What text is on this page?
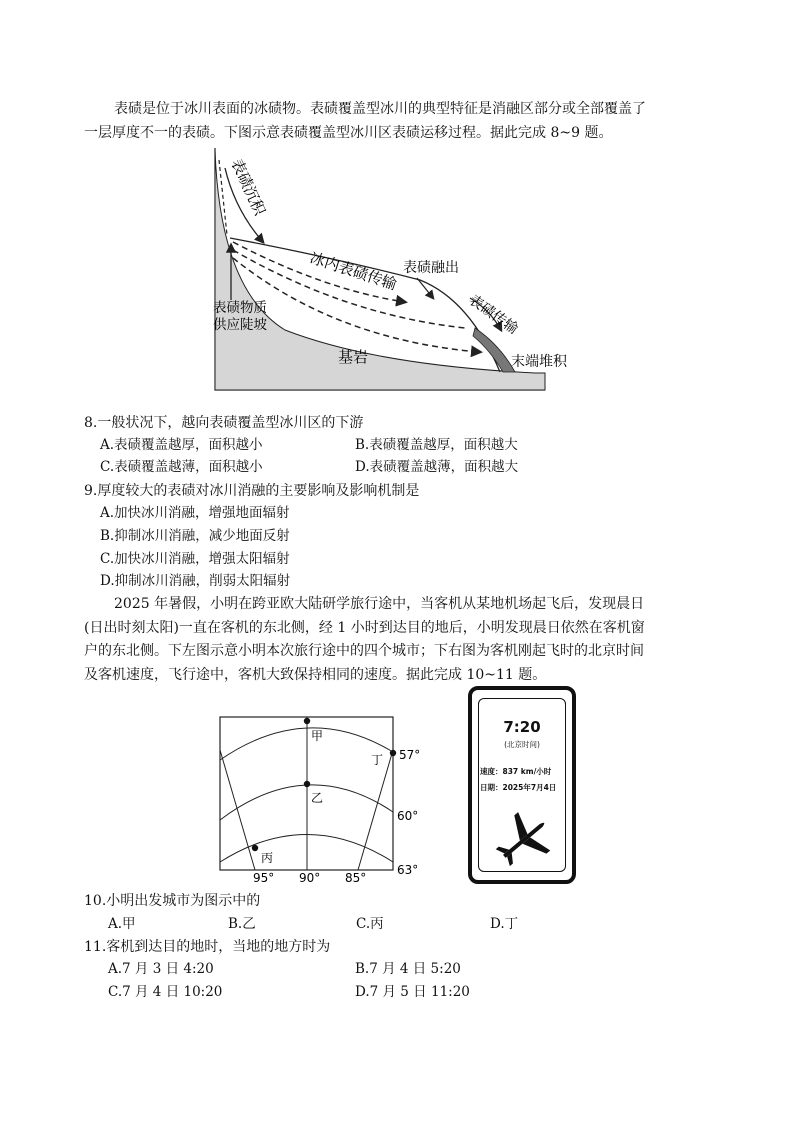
表碛是位于冰川表面的冰碛物。表碛覆盖型冰川的典型特征是消融区部分或全部覆盖了一层厚度不一的表碛。下图示意表碛覆盖型冰川区表碛运移过程。据此完成 8~9 题。
表碛沉积
表碛物质
供应陡坡
表碛融出
冰内表碛传输
表碛传输
基岩	末端堆积
8.一般状况下，越向表碛覆盖型冰川区的下游
A.表碛覆盖越厚，面积越小	B.表碛覆盖越厚，面积越大
C.表碛覆盖越薄，面积越小	D.表碛覆盖越薄，面积越大
9.厚度较大的表碛对冰川消融的主要影响及影响机制是
A.加快冰川消融，增强地面辐射
B.抑制冰川消融，减少地面反射
C.加快冰川消融，增强太阳辐射
D.抑制冰川消融，削弱太阳辐射
2025 年暑假，小明在跨亚欧大陆研学旅行途中，当客机从某地机场起飞后，发现晨日(日出时刻太阳)一直在客机的东北侧，经 1 小时到达目的地后，小明发现晨日依然在客机窗户的东北侧。下左图示意小明本次旅行途中的四个城市；下右图为客机刚起飞时的北京时间及客机速度，飞行途中，客机大致保持相同的速度。据此完成 10~11 题。
甲
乙
丙
丁 57°
60°
63°
95° 90° 85°
7:20
(北京时间)
速度：837 km/小时
日期：2025年7月4日
10.小明出发城市为图示中的
A.甲	B.乙	C.丙	D.丁
11.客机到达目的地时，当地的地方时为
A.7 月 3 日 4:20	B.7 月 4 日 5:20
C.7 月 4 日 10:20	D.7 月 5 日 11:20
